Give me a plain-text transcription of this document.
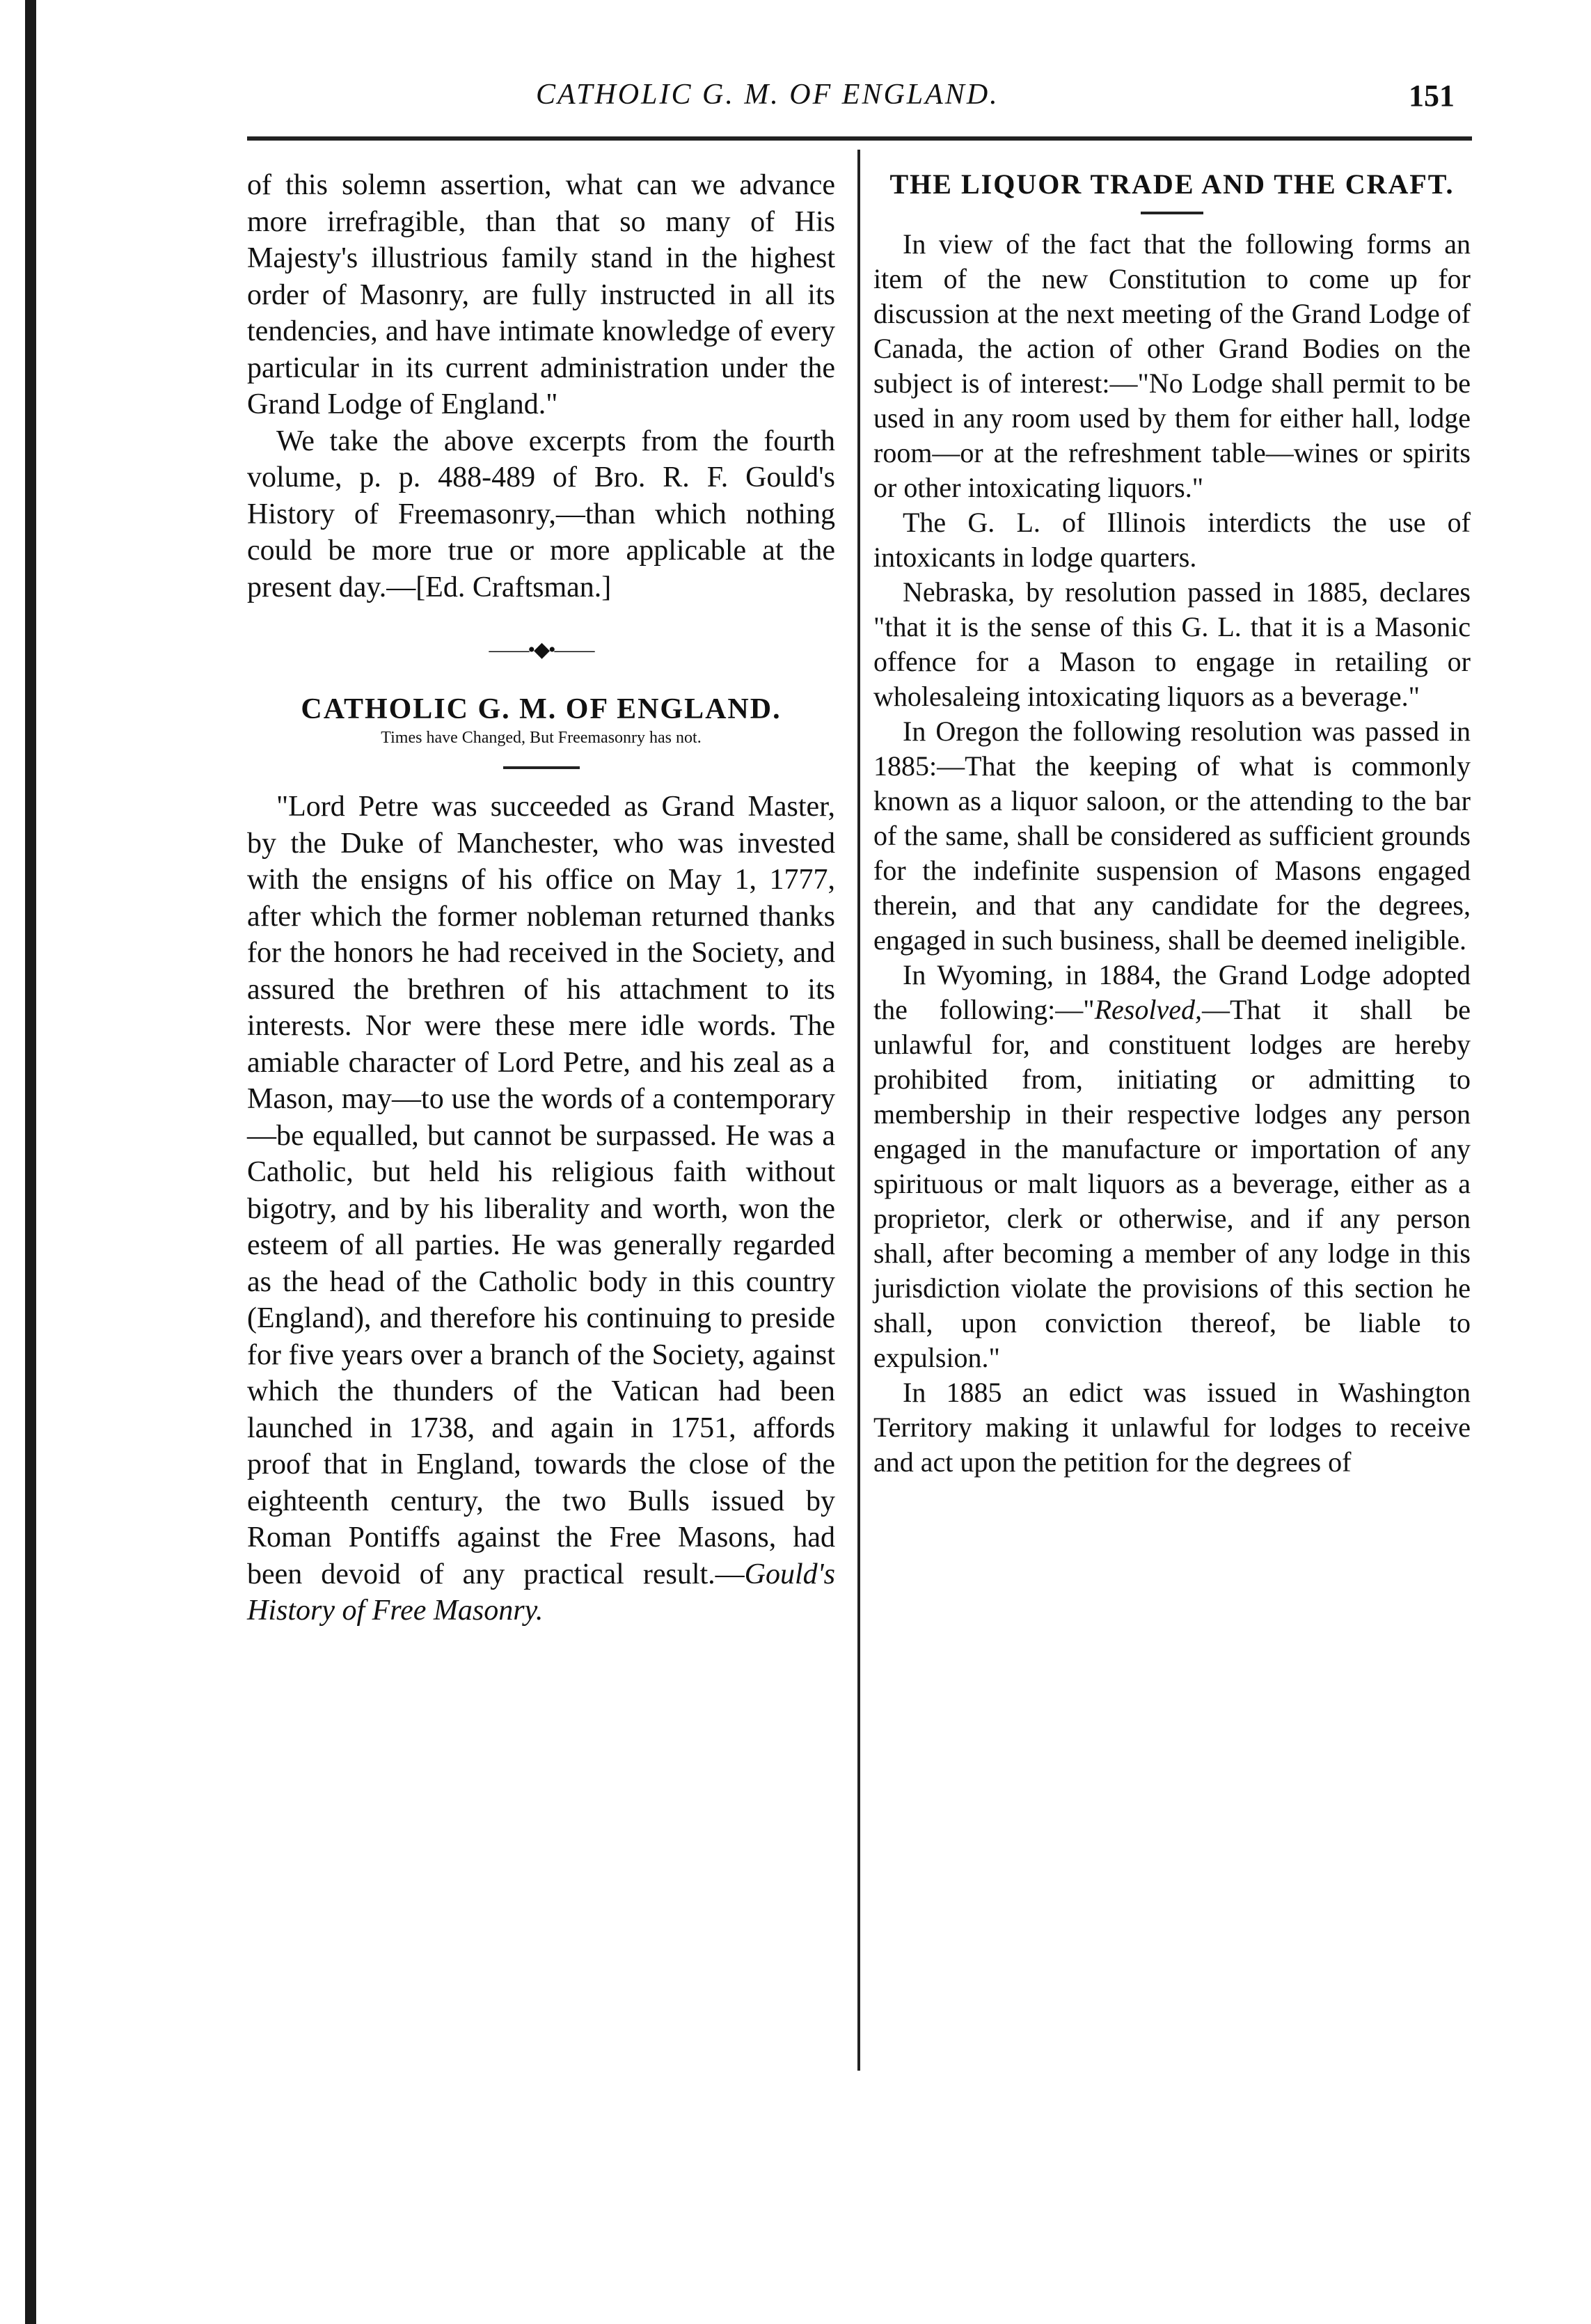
CATHOLIC G. M. OF ENGLAND.	151

of this solemn assertion, what can we advance more irrefragible, than that so many of His Majesty's illustrious family stand in the highest order of Masonry, are fully instructed in all its tendencies, and have intimate knowledge of every particular in its current administration under the Grand Lodge of England."

We take the above excerpts from the fourth volume, p. p. 488-489 of Bro. R. F. Gould's History of Freemasonry,—than which nothing could be more true or more applicable at the present day.—[Ed. Craftsman.]

——•◆•——

CATHOLIC G. M. OF ENGLAND.

Times have Changed, But Freemasonry has not.

"Lord Petre was succeeded as Grand Master, by the Duke of Manchester, who was invested with the ensigns of his office on May 1, 1777, after which the former nobleman returned thanks for the honors he had received in the Society, and assured the brethren of his attachment to its interests. Nor were these mere idle words. The amiable character of Lord Petre, and his zeal as a Mason, may—to use the words of a contemporary—be equalled, but cannot be surpassed. He was a Catholic, but held his religious faith without bigotry, and by his liberality and worth, won the esteem of all parties. He was generally regarded as the head of the Catholic body in this country (England), and therefore his continuing to preside for five years over a branch of the Society, against which the thunders of the Vatican had been launched in 1738, and again in 1751, affords proof that in England, towards the close of the eighteenth century, the two Bulls issued by Roman Pontiffs against the Free Masons, had been devoid of any practical result.—Gould's History of Free Masonry.

THE LIQUOR TRADE AND THE CRAFT.

In view of the fact that the following forms an item of the new Constitution to come up for discussion at the next meeting of the Grand Lodge of Canada, the action of other Grand Bodies on the subject is of interest:—"No Lodge shall permit to be used in any room used by them for either hall, lodge room—or at the refreshment table—wines or spirits or other intoxicating liquors."

The G. L. of Illinois interdicts the use of intoxicants in lodge quarters.

Nebraska, by resolution passed in 1885, declares "that it is the sense of this G. L. that it is a Masonic offence for a Mason to engage in retailing or wholesaleing intoxicating liquors as a beverage."

In Oregon the following resolution was passed in 1885:—That the keeping of what is commonly known as a liquor saloon, or the attending to the bar of the same, shall be considered as sufficient grounds for the indefinite suspension of Masons engaged therein, and that any candidate for the degrees, engaged in such business, shall be deemed ineligible.

In Wyoming, in 1884, the Grand Lodge adopted the following:—"Resolved,—That it shall be unlawful for, and constituent lodges are hereby prohibited from, initiating or admitting to membership in their respective lodges any person engaged in the manufacture or importation of any spirituous or malt liquors as a beverage, either as a proprietor, clerk or otherwise, and if any person shall, after becoming a member of any lodge in this jurisdiction violate the provisions of this section he shall, upon conviction thereof, be liable to expulsion."

In 1885 an edict was issued in Washington Territory making it unlawful for lodges to receive and act upon the petition for the degrees of
